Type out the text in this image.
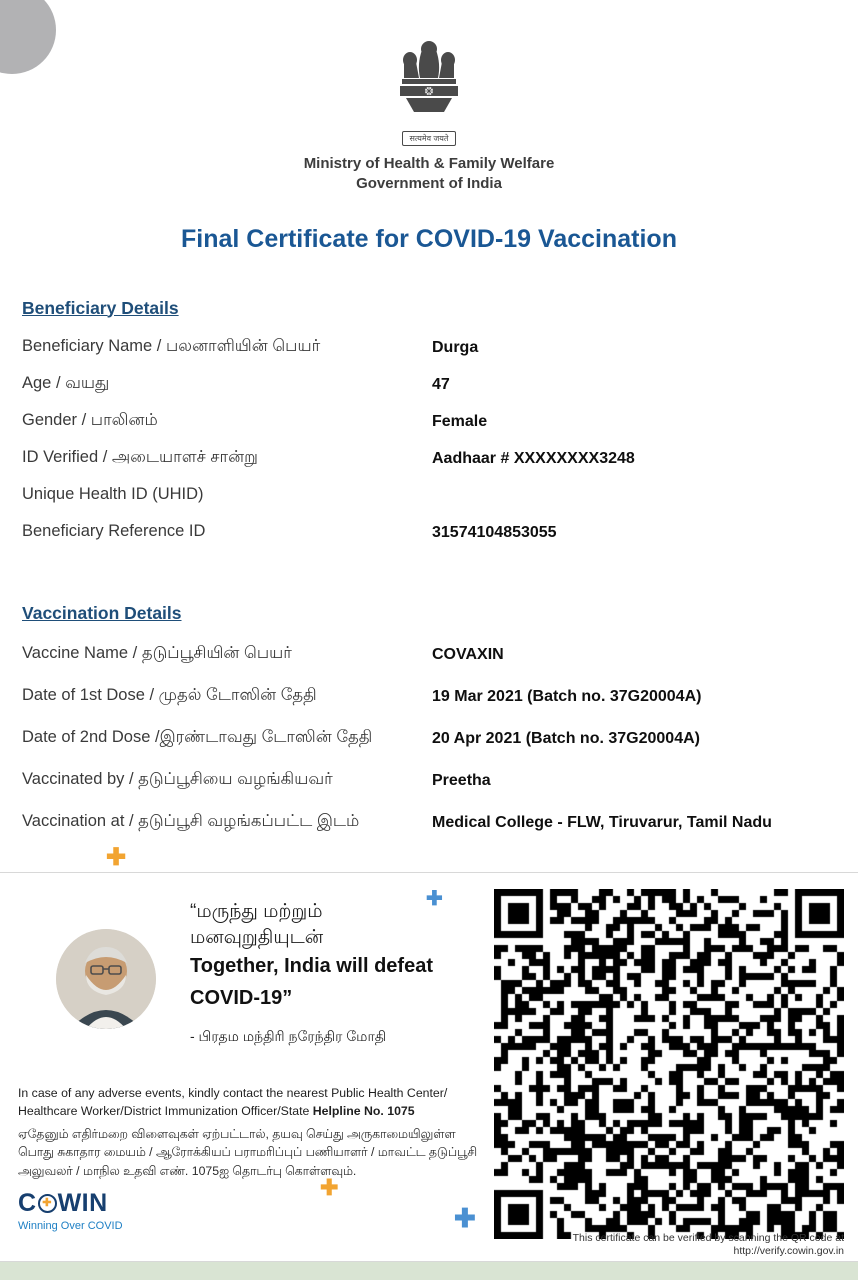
सत्यमेव जयते
Ministry of Health & Family Welfare
Government of India
Final Certificate for COVID-19 Vaccination
Beneficiary Details
Beneficiary Name / பலனாளியின் பெயர்	Durga
Age / வயது	47
Gender / பாலினம்	Female
ID Verified / அடையாளச் சான்று	Aadhaar # XXXXXXXX3248
Unique Health ID (UHID)
Beneficiary Reference ID	31574104853055
Vaccination Details
Vaccine Name / தடுப்பூசியின் பெயர்	COVAXIN
Date of 1st Dose / முதல் டோஸின் தேதி	19 Mar 2021 (Batch no. 37G20004A)
Date of 2nd Dose /இரண்டாவது டோஸின் தேதி	20 Apr 2021 (Batch no. 37G20004A)
Vaccinated by / தடுப்பூசியை வழங்கியவர்	Preetha
Vaccination at / தடுப்பூசி வழங்கப்பட்ட இடம்	Medical College - FLW, Tiruvarur, Tamil Nadu
✚
✚
“மருந்து மற்றும்
மனவுறுதியுடன்
Together, India will defeat
COVID-19”
- பிரதம மந்திரி நரேந்திர மோதி
In case of any adverse events, kindly contact the nearest Public Health Center/ Healthcare Worker/District Immunization Officer/State Helpline No. 1075
ஏதேனும் எதிர்மறை விளைவுகள் ஏற்பட்டால், தயவு செய்து அருகாமையிலுள்ள பொது சுகாதார மையம் / ஆரோக்கியப் பராமரிப்புப் பணியாளர் / மாவட்ட தடுப்பூசி அலுவலர் / மாநில உதவி எண். 1075ஐ தொடர்பு கொள்ளவும்.
C ✚ WIN
Winning Over COVID
✚
✚
This certificate can be verified by scanning the QR code at
http://verify.cowin.gov.in
